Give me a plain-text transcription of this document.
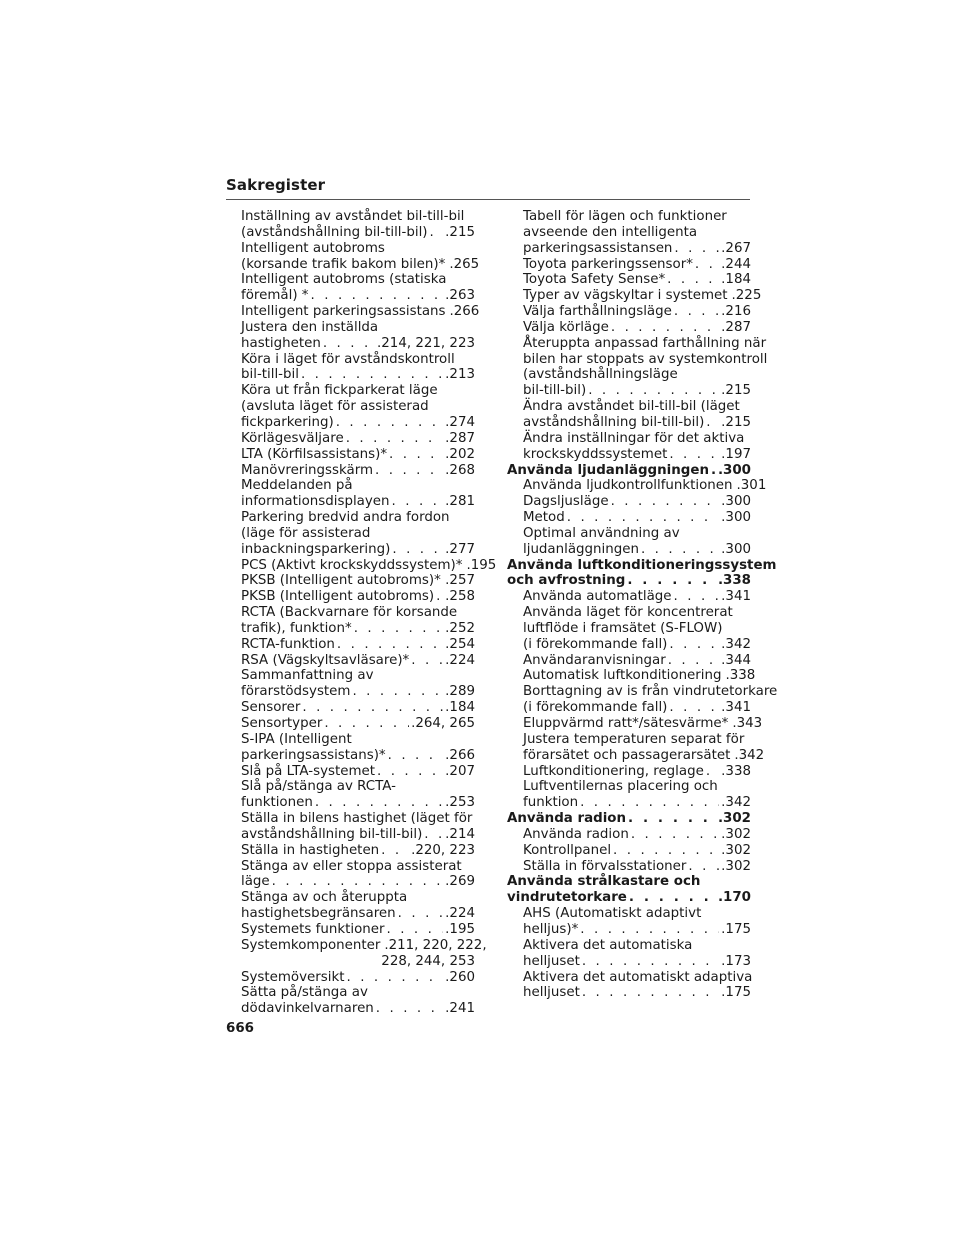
Sakregister
Inställning av avståndet bil-till-bil
(avståndshållning bil-till-bil) . . . .215
Intelligent autobroms
(korsande trafik bakom bilen)* .265
Intelligent autobroms (statiska
föremål) * . . .	.263
Intelligent parkeringsassistans .266
Justera den inställda
hastigheten . . .	.214, 221, 223
Köra i läget för avståndskontroll
bil-till-bil . . .	.213
Köra ut från fickparkerat läge
(avsluta läget för assisterad
fickparkering) . . .	.274
Körlägesväljare . . .	.287
LTA (Körfilsassistans)* . . .	.202
Manövreringsskärm . . .	.268
Meddelanden på
informationsdisplayen . . .	.281
Parkering bredvid andra fordon
(läge för assisterad
inbackningsparkering) . . .	.277
PCS (Aktivt krockskyddssystem)* .195
PKSB (Intelligent autobroms)* . . . .257
PKSB (Intelligent autobroms) . . . .258
RCTA (Backvarnare för korsande
trafik), funktion* . . .	.252
RCTA-funktion . . .	.254
RSA (Vägskyltsavläsare)* . . .	.224
Sammanfattning av
förarstödsystem . . .	.289
Sensorer . . .	.184
Sensortyper . . .	.264, 265
S-IPA (Intelligent
parkeringsassistans)* . . .	.266
Slå på LTA-systemet . . .	.207
Slå på/stänga av RCTA-
funktionen . . .	.253
Ställa in bilens hastighet (läget för
avståndshållning bil-till-bil) . . . .214
Ställa in hastigheten . . . .220, 223
Stänga av eller stoppa assisterat
läge . . .	.269
Stänga av och återuppta
hastighetsbegränsaren . . .	.224
Systemets funktioner . . .	.195
Systemkomponenter .211, 220, 222,
228, 244, 253
Systemöversikt . . .	.260
Sätta på/stänga av
dödavinkelvarnaren . . .	.241
Tabell för lägen och funktioner
avseende den intelligenta
parkeringsassistansen . . .	.267
Toyota parkeringssensor* . . . .244
Toyota Safety Sense* . . .	.184
Typer av vägskyltar i systemet .225
Välja farthållningsläge . . .	.216
Välja körläge . . .	.287
Återuppta anpassad farthållning när
bilen har stoppats av systemkontroll
(avståndshållningsläge
bil-till-bil) . . .	.215
Ändra avståndet bil-till-bil (läget
avståndshållning bil-till-bil) . . . .215
Ändra inställningar för det aktiva
krockskyddssystemet . . .	.197
Använda ljudanläggningen . . . .300
Använda ljudkontrollfunktionen .301
Dagsljusläge . . .	.300
Metod . . .	.300
Optimal användning av
ljudanläggningen . . .	.300
Använda luftkonditioneringssystem
och avfrostning . . .	.338
Använda automatläge . . .	.341
Använda läget för koncentrerat
luftflöde i framsätet (S-FLOW)
(i förekommande fall) . . .	.342
Användaranvisningar . . .	.344
Automatisk luftkonditionering .338
Borttagning av is från vindrutetorkare
(i förekommande fall) . . .	.341
Eluppvärmd ratt*/sätesvärme* .343
Justera temperaturen separat för
förarsätet och passagerarsätet .342
Luftkonditionering, reglage . . . .338
Luftventilernas placering och
funktion . . .	.342
Använda radion . . .	.302
Använda radion . . .	.302
Kontrollpanel . . .	.302
Ställa in förvalsstationer . . .	.302
Använda strålkastare och
vindrutetorkare . . .	.170
AHS (Automatiskt adaptivt
helljus)* . . .	.175
Aktivera det automatiska
helljuset . . .	.173
Aktivera det automatiskt adaptiva
helljuset . . .	.175
666
